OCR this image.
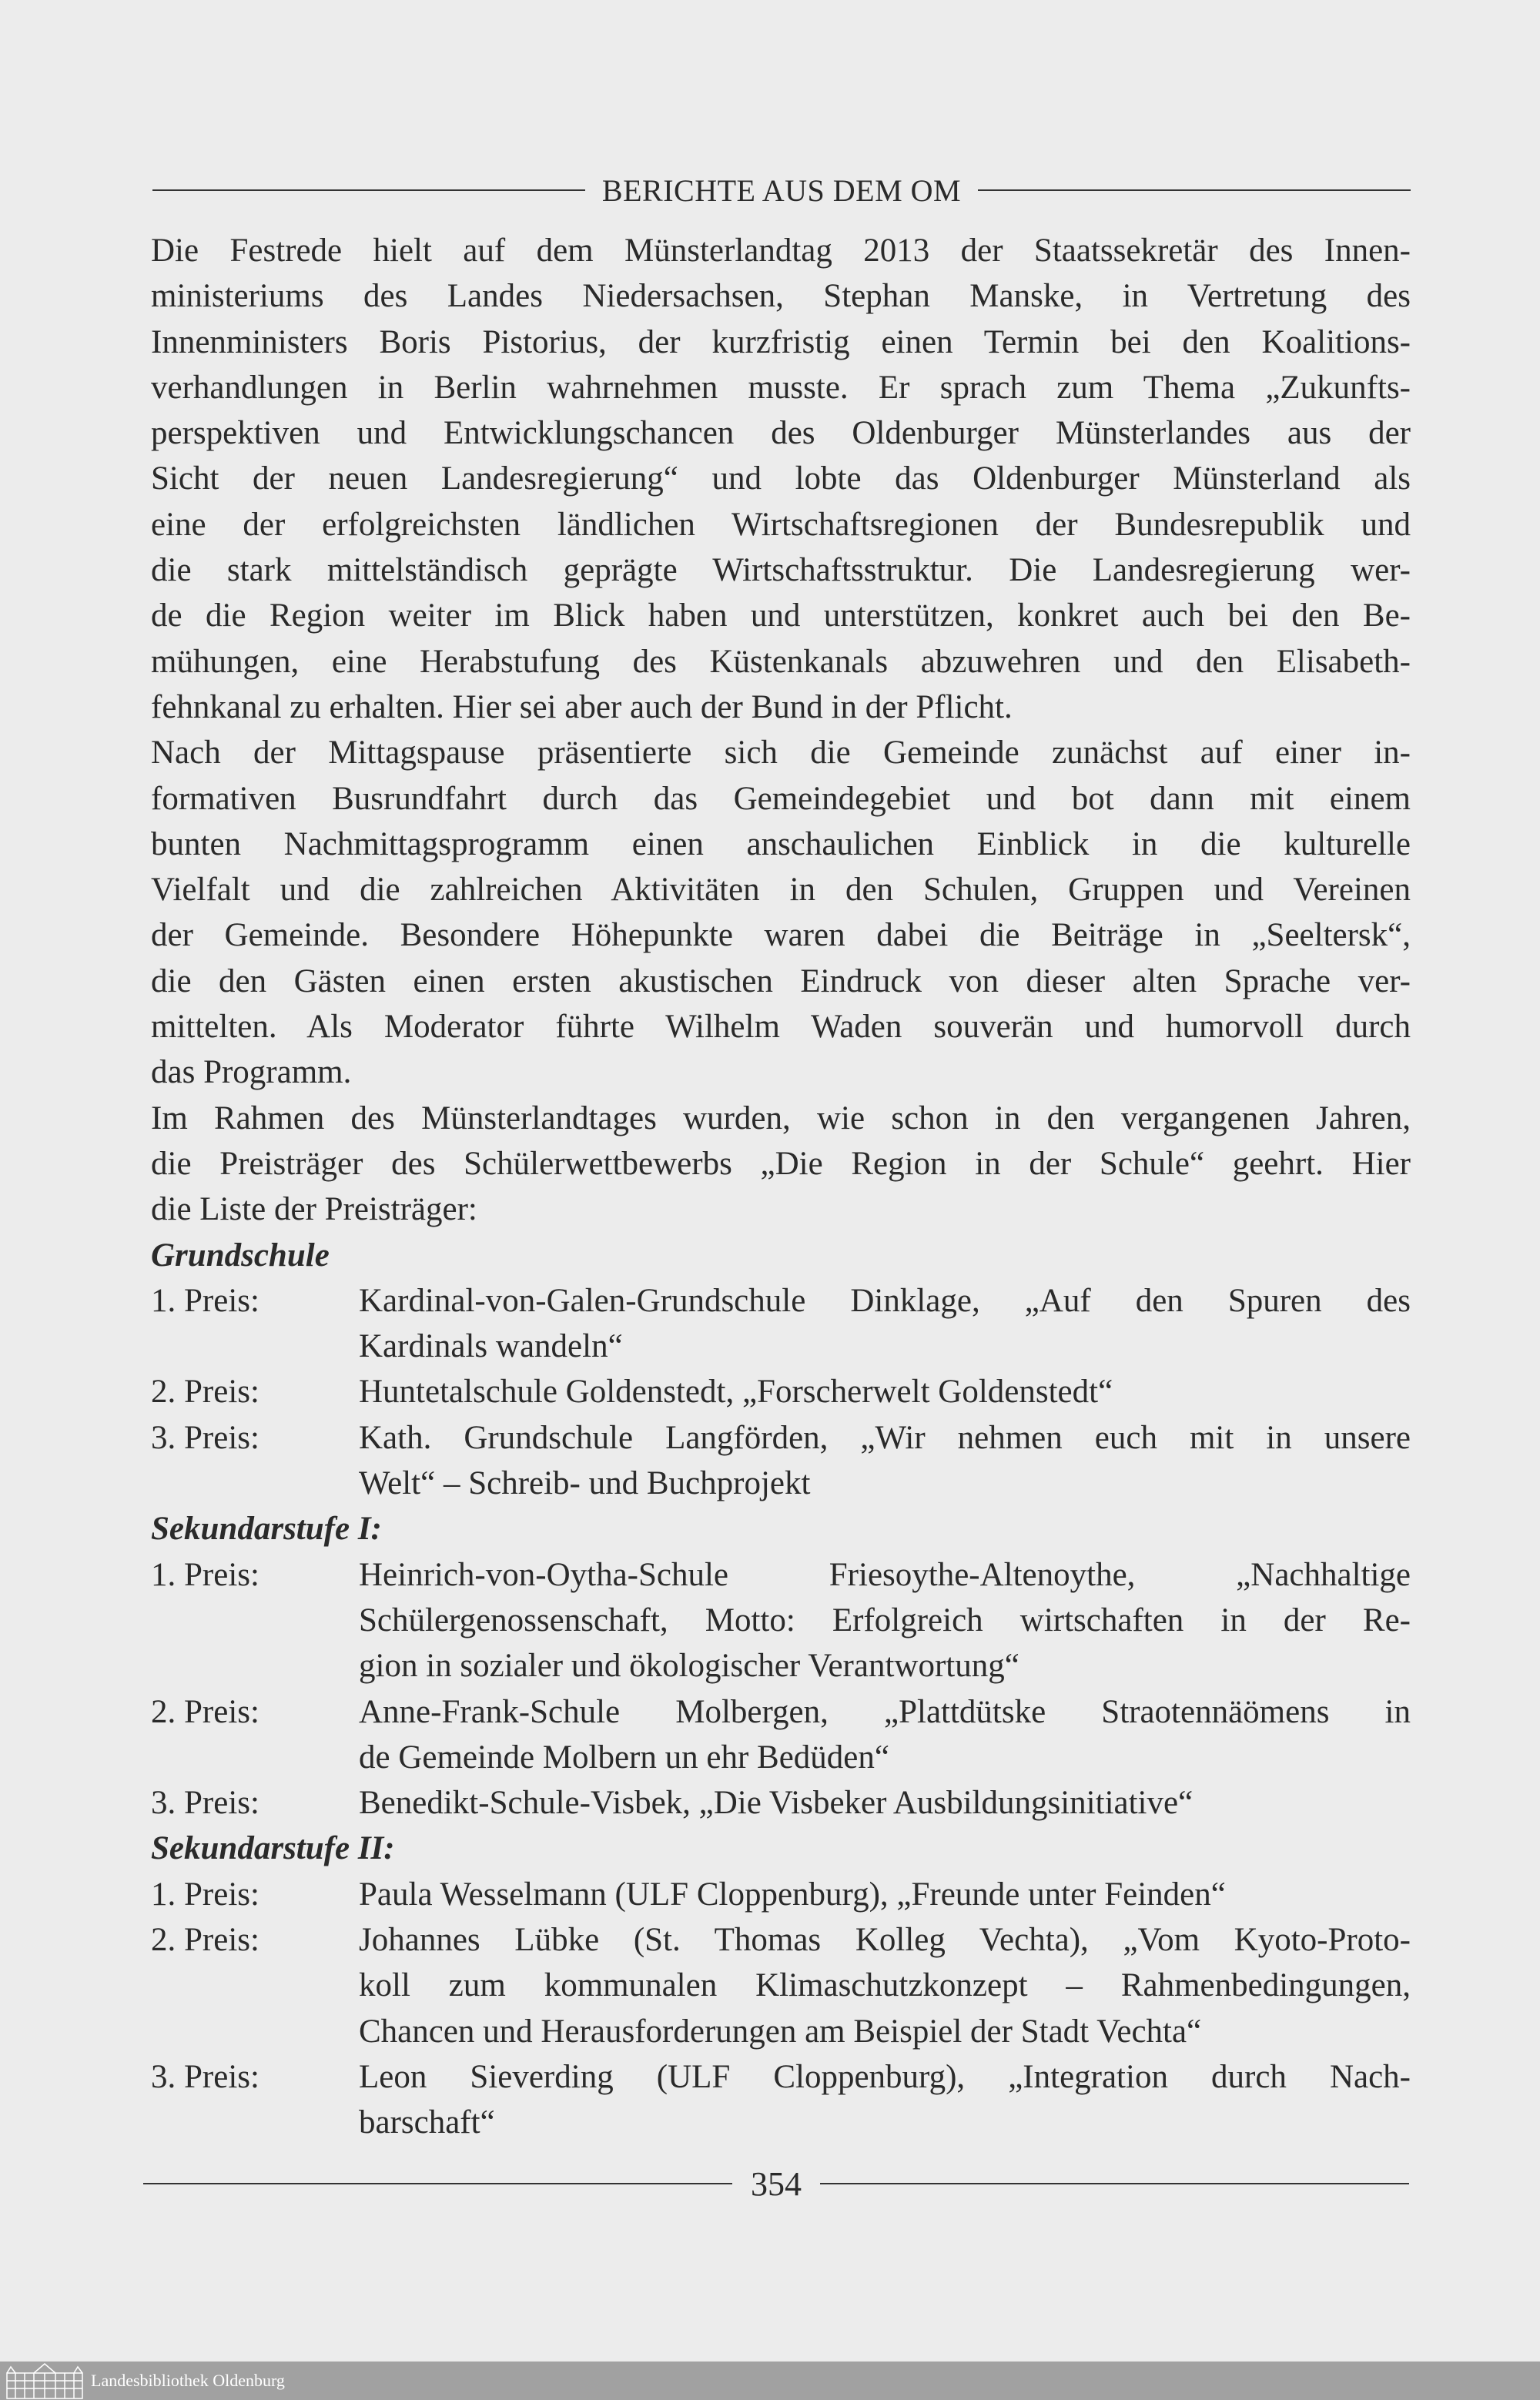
BERICHTE AUS DEM OM
Die Festrede hielt auf dem Münsterlandtag 2013 der Staatssekretär des Innen-
ministeriums des Landes Niedersachsen, Stephan Manske, in Vertretung des
Innenministers Boris Pistorius, der kurzfristig einen Termin bei den Koalitions-
verhandlungen in Berlin wahrnehmen musste. Er sprach zum Thema „Zukunfts-
perspektiven und Entwicklungschancen des Oldenburger Münsterlandes aus der
Sicht der neuen Landesregierung“ und lobte das Oldenburger Münsterland als
eine der erfolgreichsten ländlichen Wirtschaftsregionen der Bundesrepublik und
die stark mittelständisch geprägte Wirtschaftsstruktur. Die Landesregierung wer-
de die Region weiter im Blick haben und unterstützen, konkret auch bei den Be-
mühungen, eine Herabstufung des Küstenkanals abzuwehren und den Elisabeth-
fehnkanal zu erhalten. Hier sei aber auch der Bund in der Pflicht.
Nach der Mittagspause präsentierte sich die Gemeinde zunächst auf einer in-
formativen Busrundfahrt durch das Gemeindegebiet und bot dann mit einem
bunten Nachmittagsprogramm einen anschaulichen Einblick in die kulturelle
Vielfalt und die zahlreichen Aktivitäten in den Schulen, Gruppen und Vereinen
der Gemeinde. Besondere Höhepunkte waren dabei die Beiträge in „Seeltersk“,
die den Gästen einen ersten akustischen Eindruck von dieser alten Sprache ver-
mittelten. Als Moderator führte Wilhelm Waden souverän und humorvoll durch
das Programm.
Im Rahmen des Münsterlandtages wurden, wie schon in den vergangenen Jahren,
die Preisträger des Schülerwettbewerbs „Die Region in der Schule“ geehrt. Hier
die Liste der Preisträger:
Grundschule
1. Preis:	Kardinal-von-Galen-Grundschule Dinklage, „Auf den Spuren des
Kardinals wandeln“
2. Preis:	Huntetalschule Goldenstedt, „Forscherwelt Goldenstedt“
3. Preis:	Kath. Grundschule Langförden, „Wir nehmen euch mit in unsere
Welt“ – Schreib- und Buchprojekt
Sekundarstufe I:
1. Preis:	Heinrich-von-Oytha-Schule Friesoythe-Altenoythe, „Nachhaltige
Schülergenossenschaft, Motto: Erfolgreich wirtschaften in der Re-
gion in sozialer und ökologischer Verantwortung“
2. Preis:	Anne-Frank-Schule Molbergen, „Plattdütske Straotennäömens in
de Gemeinde Molbern un ehr Bedüden“
3. Preis:	Benedikt-Schule-Visbek, „Die Visbeker Ausbildungsinitiative“
Sekundarstufe II:
1. Preis:	Paula Wesselmann (ULF Cloppenburg), „Freunde unter Feinden“
2. Preis:	Johannes Lübke (St. Thomas Kolleg Vechta), „Vom Kyoto-Proto-
koll zum kommunalen Klimaschutzkonzept – Rahmenbedingungen,
Chancen und Herausforderungen am Beispiel der Stadt Vechta“
3. Preis:	Leon Sieverding (ULF Cloppenburg), „Integration durch Nach-
barschaft“
354
Landesbibliothek Oldenburg
